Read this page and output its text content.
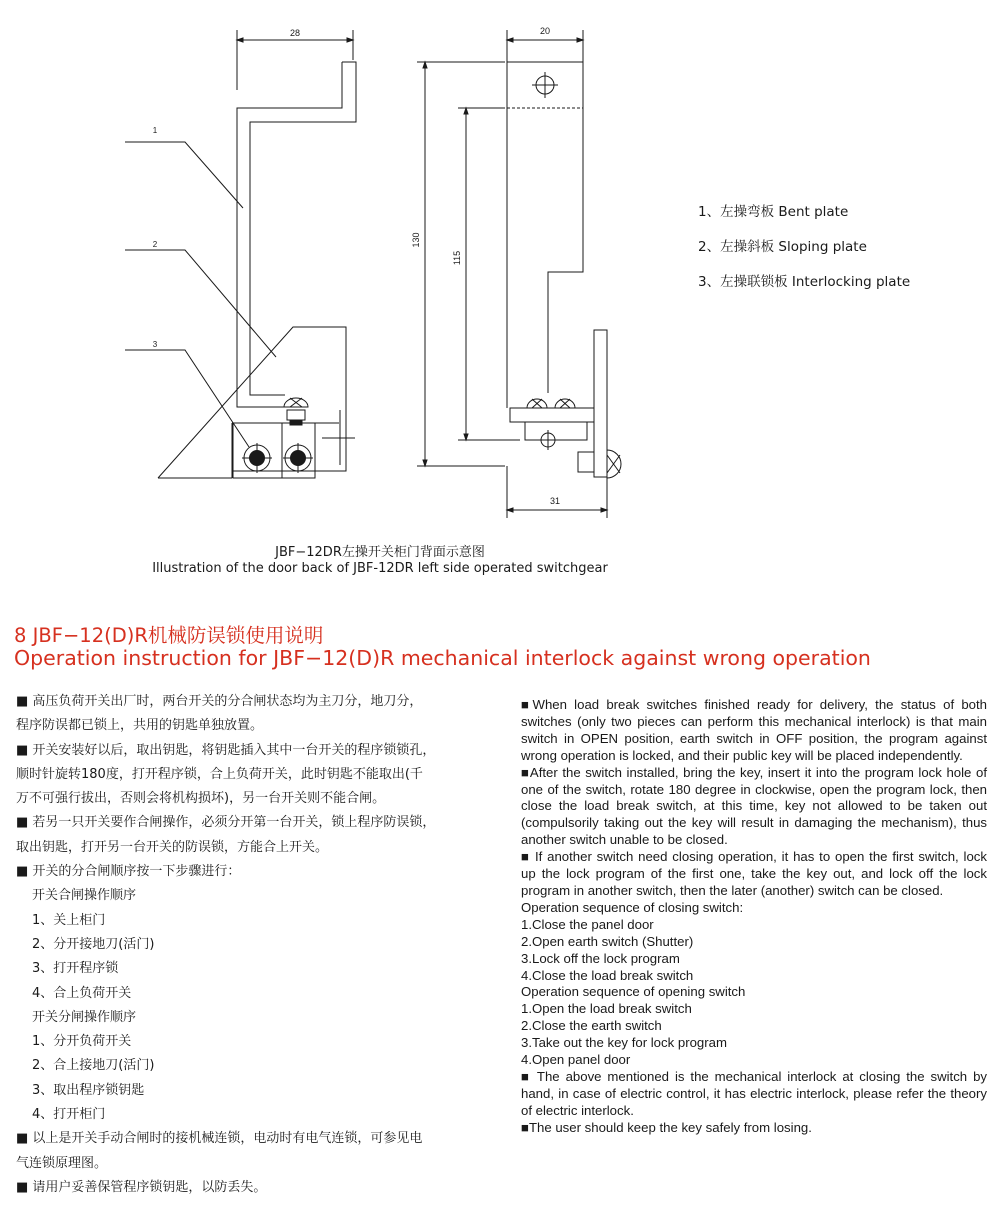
28
1
2
3
20
130
115
31
1、左操弯板 Bent plate
2、左操斜板 Sloping plate
3、左操联锁板 Interlocking plate
JBF−12DR左操开关柜门背面示意图
Illustration of the door back of JBF-12DR left side operated switchgear
8 JBF−12(D)R机械防误锁使用说明
Operation instruction for JBF−12(D)R mechanical interlock against wrong operation
■ 高压负荷开关出厂时，两台开关的分合闸状态均为主刀分，地刀分，
程序防误都已锁上，共用的钥匙单独放置。
■ 开关安装好以后，取出钥匙，将钥匙插入其中一台开关的程序锁锁孔，
顺时针旋转180度，打开程序锁，合上负荷开关，此时钥匙不能取出(千
万不可强行拔出，否则会将机构损坏)，另一台开关则不能合闸。
■ 若另一只开关要作合闸操作，必须分开第一台开关，锁上程序防误锁，
取出钥匙，打开另一台开关的防误锁，方能合上开关。
■ 开关的分合闸顺序按一下步骤进行：
开关合闸操作顺序
1、关上柜门
2、分开接地刀(活门)
3、打开程序锁
4、合上负荷开关
开关分闸操作顺序
1、分开负荷开关
2、合上接地刀(活门)
3、取出程序锁钥匙
4、打开柜门
■ 以上是开关手动合闸时的接机械连锁，电动时有电气连锁，可参见电
气连锁原理图。
■ 请用户妥善保管程序锁钥匙，以防丢失。

■When load break switches finished ready for delivery, the status of both switches (only two pieces can perform this mechanical interlock) is that main switch in OPEN position, earth switch in OFF position, the program against wrong operation is locked, and their public key will be placed independently.

■After the switch installed, bring the key, insert it into the program lock hole of one of the switch, rotate 180 degree in clockwise, open the program lock, then close the load break switch, at this time, key not allowed to be taken out (compulsorily taking out the key will result in damaging the mechanism), thus another switch unable to be closed.

■ If another switch need closing operation, it has to open the first switch, lock up the lock program of the first one, take the key out, and lock off the lock program in another switch, then the later (another) switch can be closed.

Operation sequence of closing switch:

1.Close the panel door

2.Open earth switch (Shutter)

3.Lock off the lock program

4.Close the load break switch

Operation sequence of opening switch

1.Open the load break switch

2.Close the earth switch

3.Take out the key for lock program

4.Open panel door

■ The above mentioned is the mechanical interlock at closing the switch by hand, in case of electric control, it has electric interlock, please refer the theory of electric interlock.

■The user should keep the key safely from losing.
